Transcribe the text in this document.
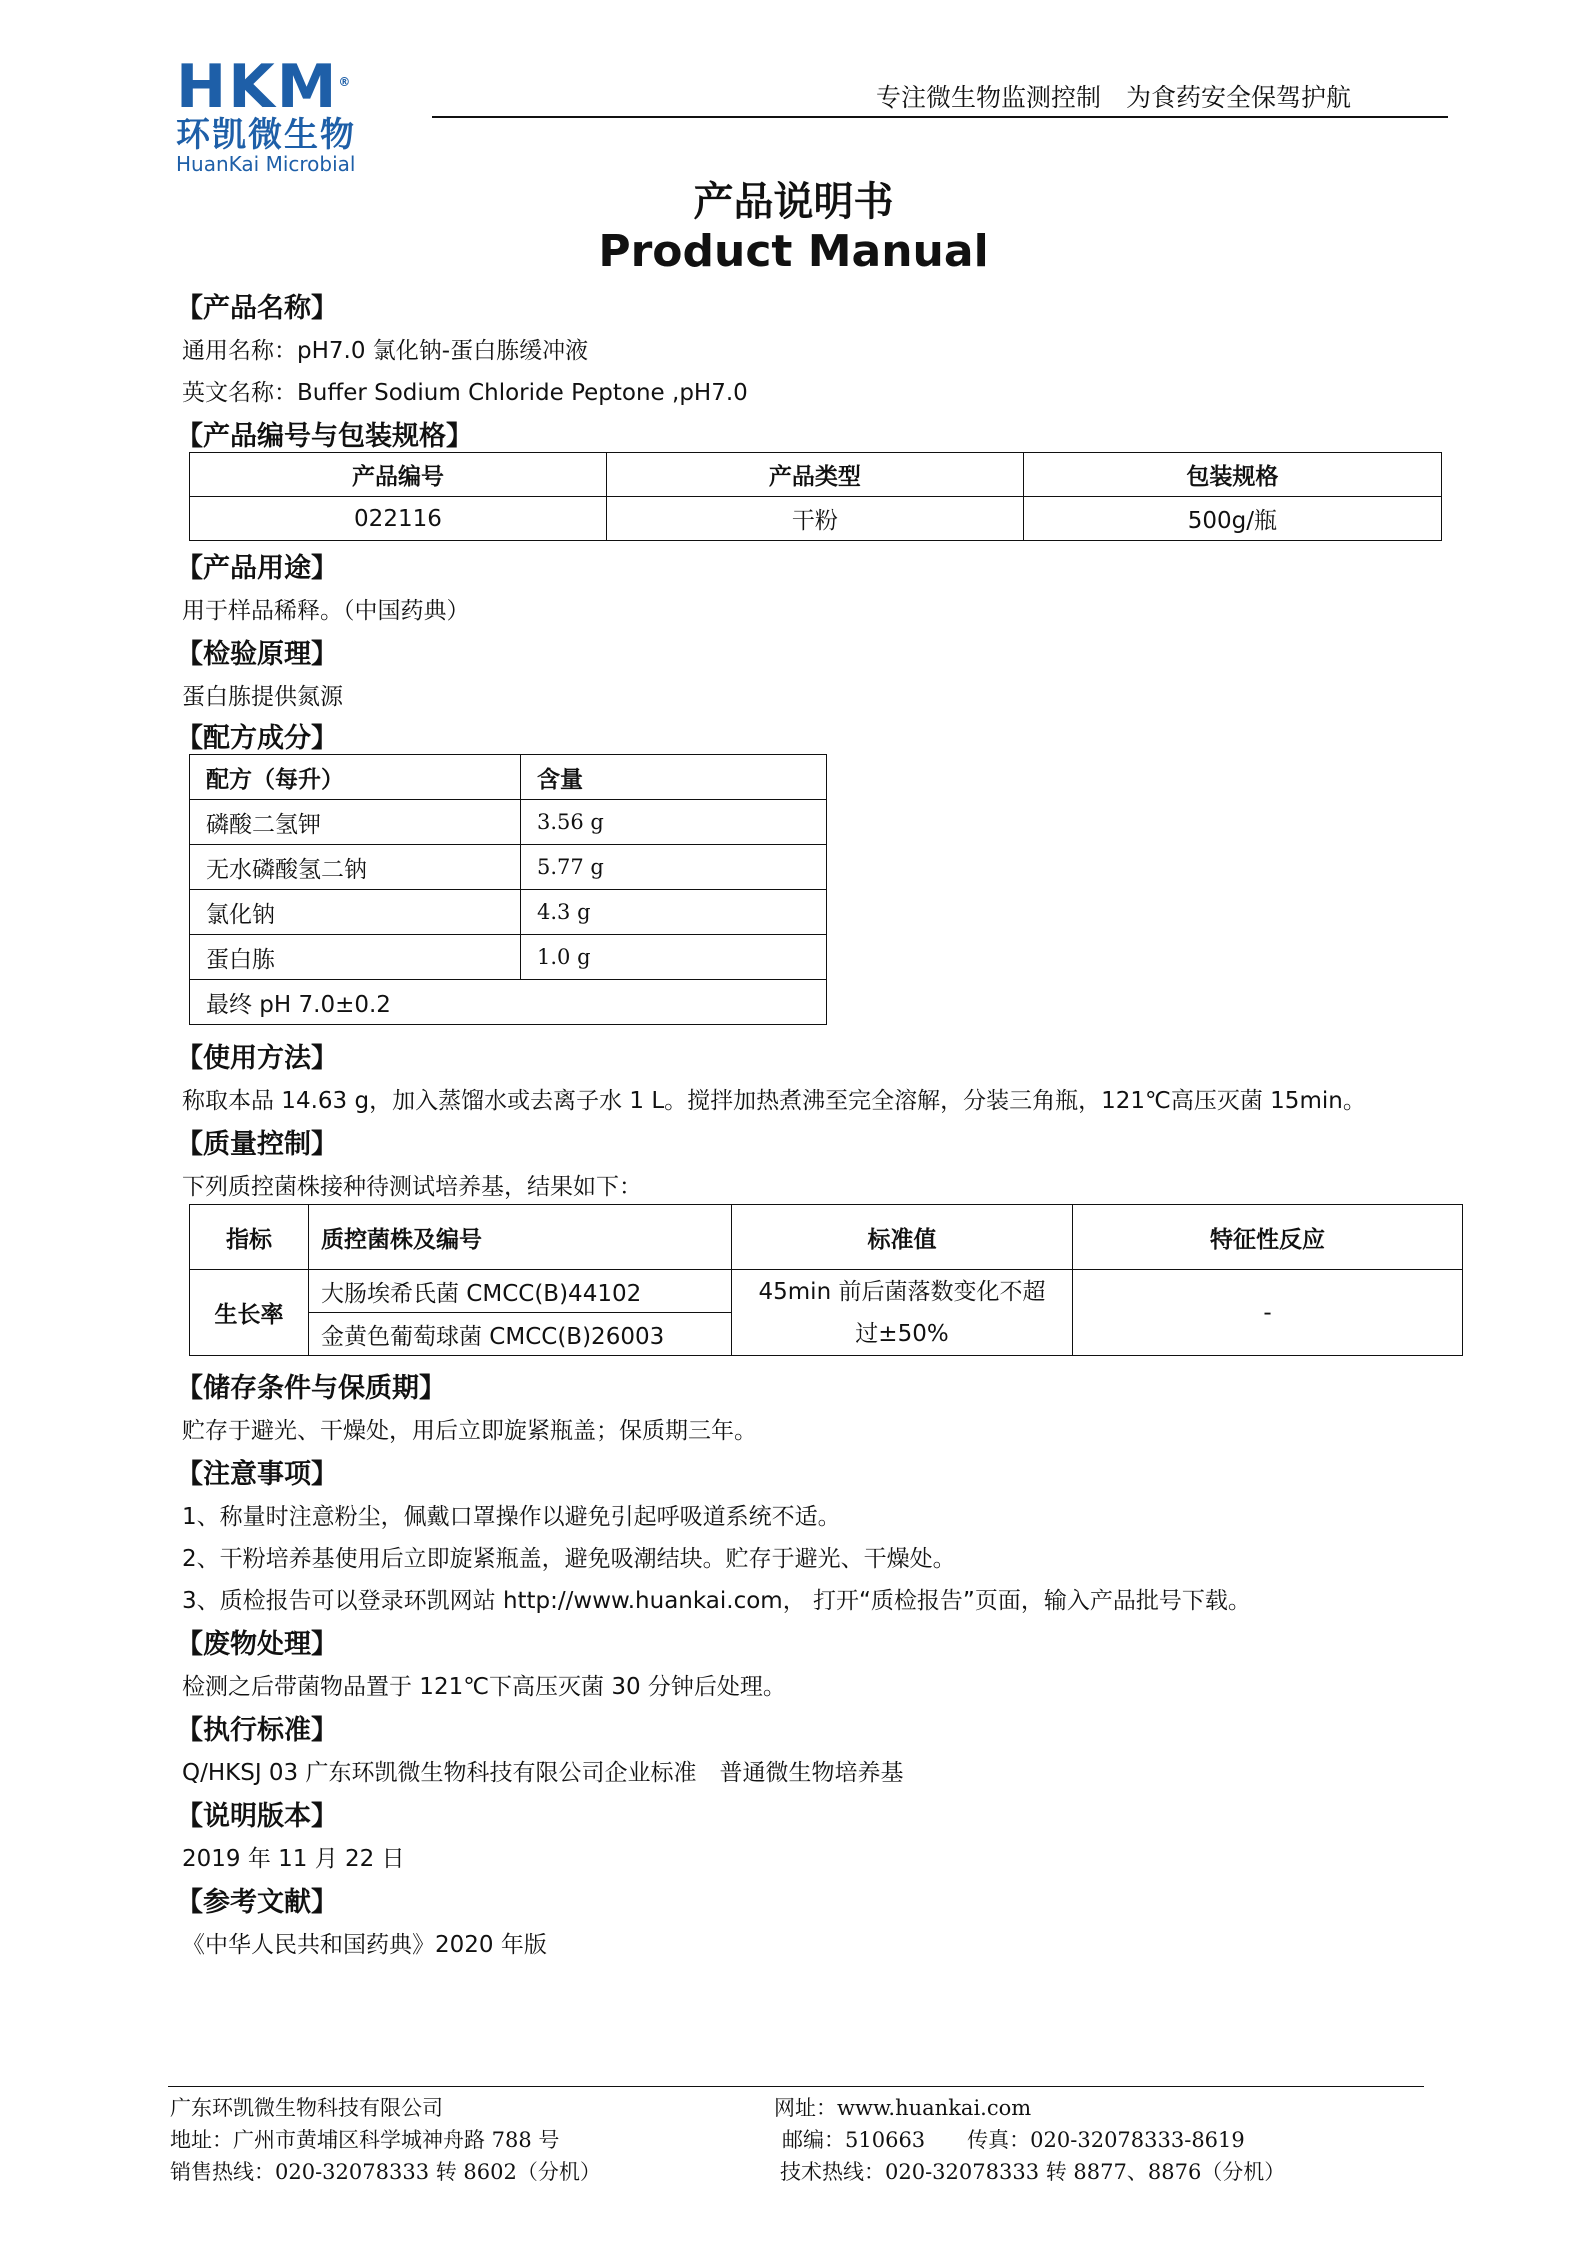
HKM®
环凯微生物
HuanKai Microbial
专注微生物监测控制　为食药安全保驾护航
产品说明书
Product Manual
【产品名称】
通用名称：pH7.0 氯化钠-蛋白胨缓冲液
英文名称：Buffer Sodium Chloride Peptone ,pH7.0
【产品编号与包装规格】
产品编号	产品类型	包装规格
022116	干粉	500g/瓶
【产品用途】
用于样品稀释。（中国药典）
【检验原理】
蛋白胨提供氮源
【配方成分】
配方（每升）	含量
磷酸二氢钾	3.56 g
无水磷酸氢二钠	5.77 g
氯化钠	4.3 g
蛋白胨	1.0 g
最终 pH 7.0±0.2	
【使用方法】
称取本品 14.63 g，加入蒸馏水或去离子水 1 L。搅拌加热煮沸至完全溶解，分装三角瓶，121℃高压灭菌 15min。
【质量控制】
下列质控菌株接种待测试培养基，结果如下：
指标	质控菌株及编号	标准值	特征性反应
生长率	大肠埃希氏菌 CMCC(B)44102	45min 前后菌落数变化不超过±50%	-
	金黄色葡萄球菌 CMCC(B)26003		
【储存条件与保质期】
贮存于避光、干燥处，用后立即旋紧瓶盖；保质期三年。
【注意事项】
1、称量时注意粉尘，佩戴口罩操作以避免引起呼吸道系统不适。
2、干粉培养基使用后立即旋紧瓶盖，避免吸潮结块。贮存于避光、干燥处。
3、质检报告可以登录环凯网站 http://www.huankai.com， 打开“质检报告”页面，输入产品批号下载。
【废物处理】
检测之后带菌物品置于 121℃下高压灭菌 30 分钟后处理。
【执行标准】
Q/HKSJ 03 广东环凯微生物科技有限公司企业标准　普通微生物培养基
【说明版本】
2019 年 11 月 22 日
【参考文献】
《中华人民共和国药典》2020 年版
广东环凯微生物科技有限公司
地址：广州市黄埔区科学城神舟路 788 号
销售热线：020-32078333 转 8602（分机）
网址：www.huankai.com
邮编：510663　　传真：020-32078333-8619
技术热线：020-32078333 转 8877、8876（分机）
